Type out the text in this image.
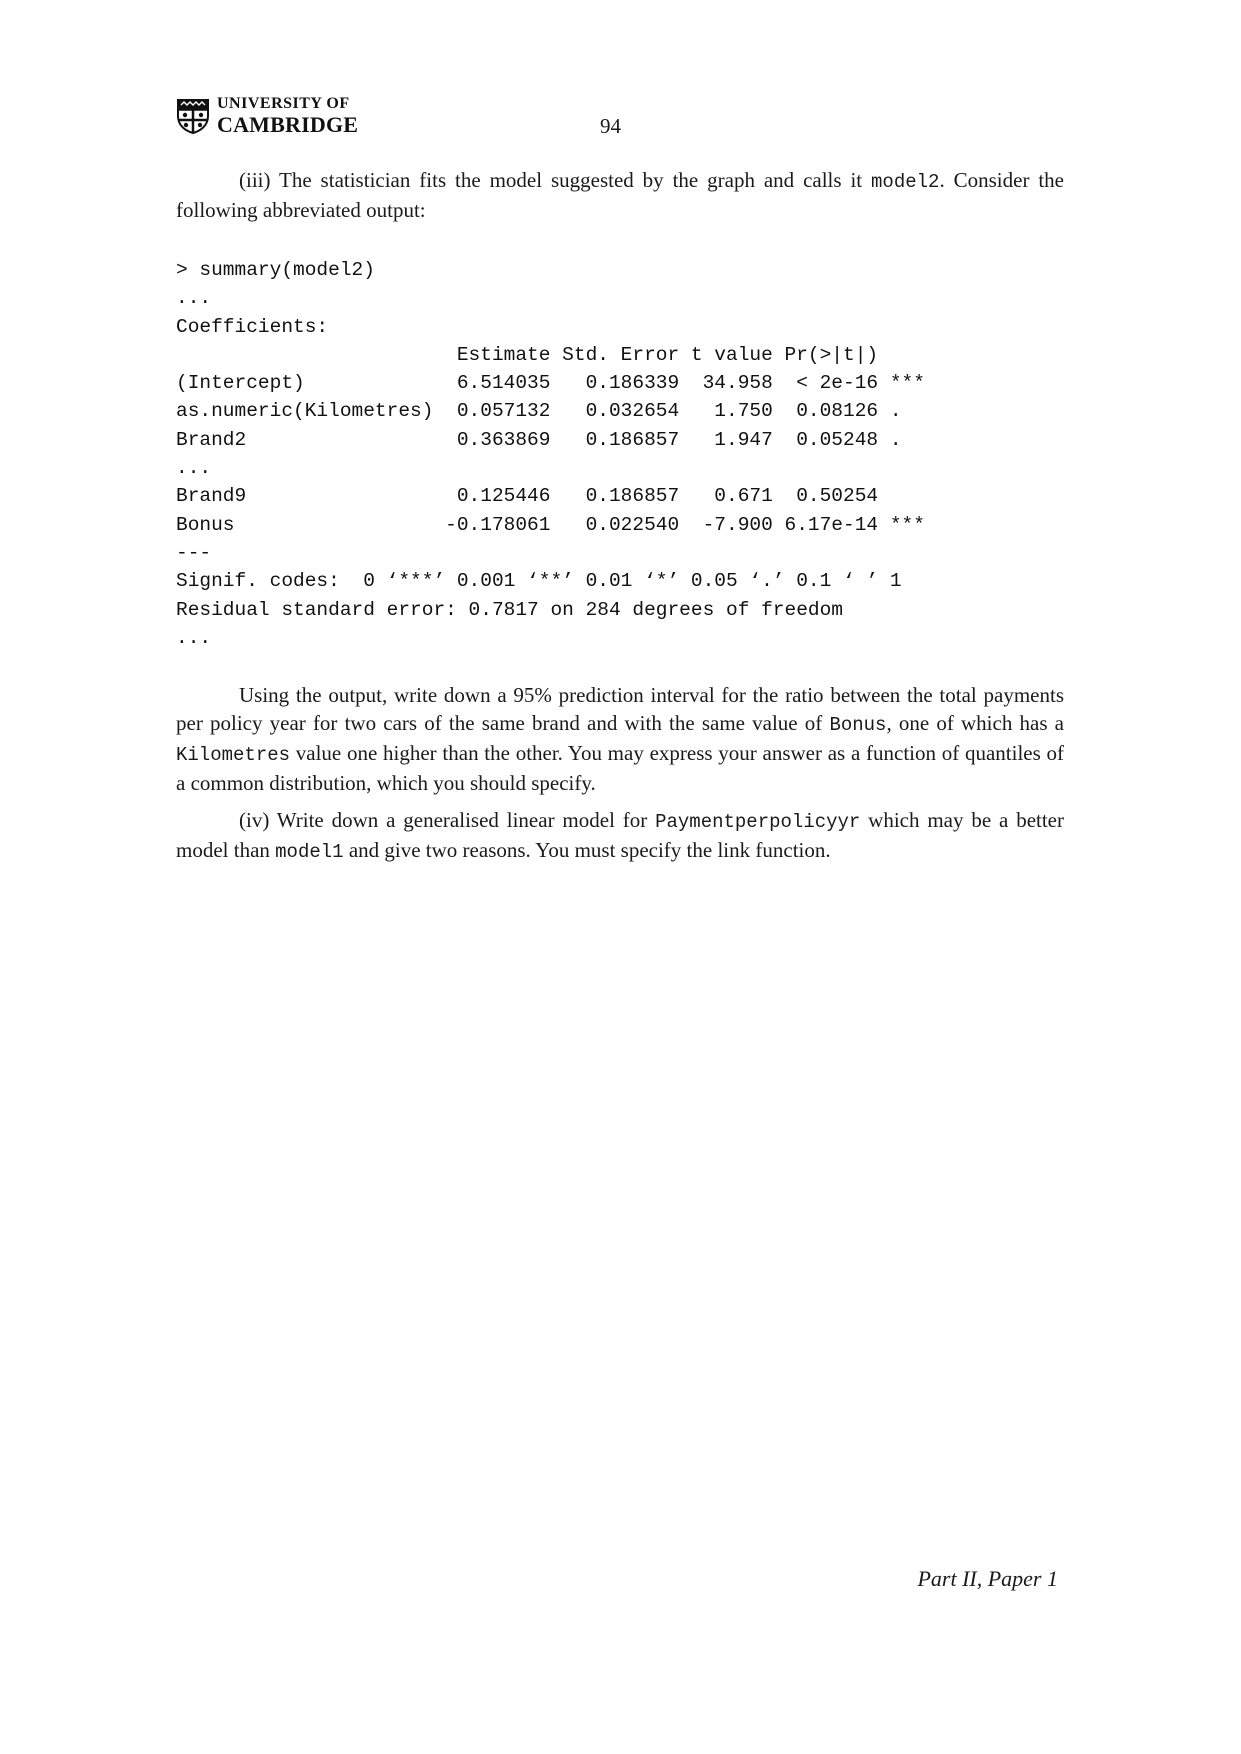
UNIVERSITY OF
CAMBRIDGE	94

(iii) The statistician fits the model suggested by the graph and calls it model2. Consider the following abbreviated output:

> summary(model2)
...
Coefficients:
Estimate Std. Error t value Pr(>|t|)
(Intercept)             6.514035   0.186339  34.958  < 2e-16 ***
as.numeric(Kilometres)  0.057132   0.032654   1.750  0.08126 .
Brand2                  0.363869   0.186857   1.947  0.05248 .
...
Brand9                  0.125446   0.186857   0.671  0.50254
Bonus                  -0.178061   0.022540  -7.900 6.17e-14 ***
---
Signif. codes:  0 ‘***’ 0.001 ‘**’ 0.01 ‘*’ 0.05 ‘.’ 0.1 ‘ ’ 1
Residual standard error: 0.7817 on 284 degrees of freedom
...

Using the output, write down a 95% prediction interval for the ratio between the total payments per policy year for two cars of the same brand and with the same value of Bonus, one of which has a Kilometres value one higher than the other. You may express your answer as a function of quantiles of a common distribution, which you should specify.

(iv) Write down a generalised linear model for Paymentperpolicyyr which may be a better model than model1 and give two reasons. You must specify the link function.

Part II, Paper 1
